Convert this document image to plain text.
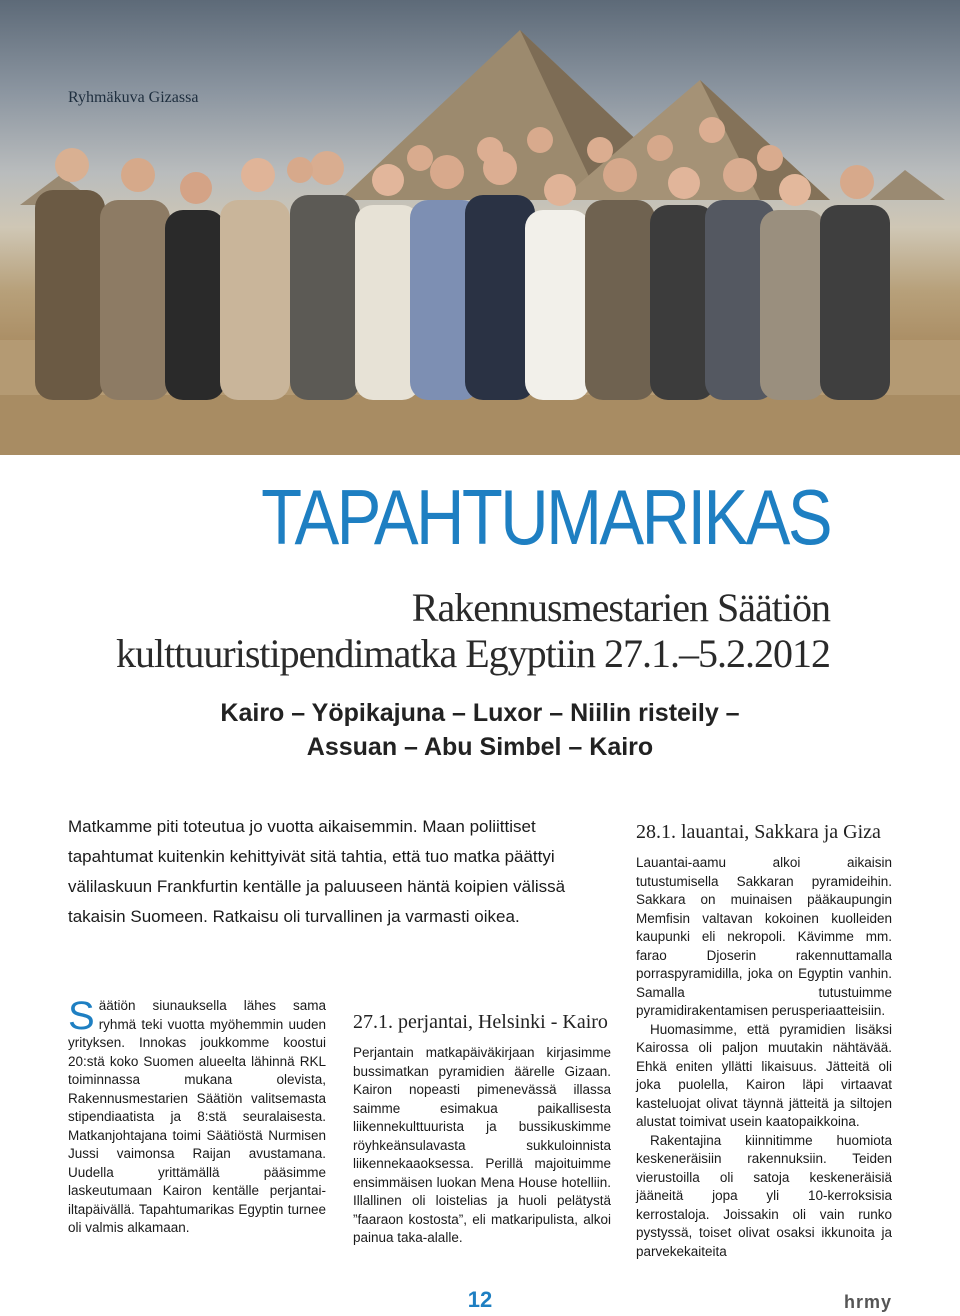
Ryhmäkuva Gizassa
TAPAHTUMARIKAS
Rakennusmestarien Säätiön
kulttuuristipendimatka Egyptiin 27.1.–5.2.2012
Kairo – Yöpikajuna – Luxor – Niilin risteily –
Assuan – Abu Simbel – Kairo
Matkamme piti toteutua jo vuotta aikaisemmin. Maan poliittiset tapahtumat kuitenkin kehittyivät sitä tahtia, että tuo matka päättyi välilaskuun Frankfurtin kentälle ja paluuseen häntä koipien välissä takaisin Suomeen. Ratkaisu oli turvallinen ja varmasti oikea.

Säätiön siunauksella lähes sama ryhmä teki vuotta myöhemmin uuden yrityksen. Innokas joukkomme koostui 20:stä koko Suomen alueelta lähinnä RKL toiminnassa mukana olevista, Rakennusmestarien Säätiön valitsemasta stipendiaatista ja 8:stä seuralaisesta. Matkanjohtajana toimi Säätiöstä Nurmisen Jussi vaimonsa Raijan avustamana. Uudella yrittämällä pääsimme laskeutumaan Kairon kentälle perjantai-iltapäivällä. Tapahtumarikas Egyptin turnee oli valmis alkamaan.

27.1. perjantai, Helsinki - Kairo

Perjantain matkapäiväkirjaan kirjasimme bussimatkan pyramidien äärelle Gizaan. Kairon nopeasti pimenevässä illassa saimme esimakua paikallisesta liikennekulttuurista ja bussikuskimme röyhkeänsulavasta sukkuloinnista liikennekaaoksessa. Perillä majoituimme ensimmäisen luokan Mena House hotelliin. Illallinen oli loistelias ja huoli pelätystä ”faaraon kostosta”, eli matkaripulista, alkoi painua taka-alalle.

28.1. lauantai, Sakkara ja Giza

Lauantai-aamu alkoi aikaisin tutustumisella Sakkaran pyramideihin. Sakkara on muinaisen pääkaupungin Memfisin valtavan kokoinen kuolleiden kaupunki eli nekropoli. Kävimme mm. farao Djoserin rakennuttamalla porraspyramidilla, joka on Egyptin vanhin. Samalla tutustuimme pyramidirakentamisen perusperiaatteisiin.

Huomasimme, että pyramidien lisäksi Kairossa oli paljon muutakin nähtävää. Ehkä eniten yllätti likaisuus. Jätteitä oli joka puolella, Kairon läpi virtaavat kasteluojat olivat täynnä jätteitä ja siltojen alustat toimivat usein kaatopaikkoina.

Rakentajina kiinnitimme huomiota keskeneräisiin rakennuksiin. Teiden vierustoilla oli satoja keskeneräisiä jääneitä jopa yli 10-kerroksisia kerrostaloja. Joissakin oli vain runko pystyssä, toiset olivat osaksi ikkunoita ja parvekekaiteita

12	hrmy
